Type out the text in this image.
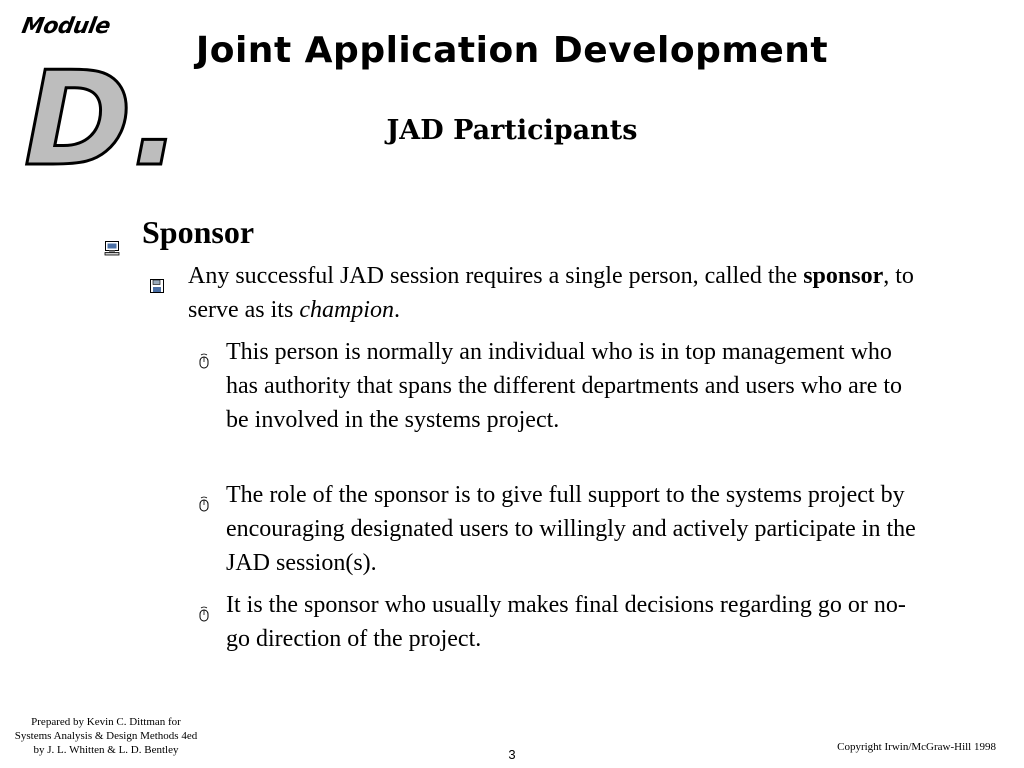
Module
D. Joint Application Development
JAD Participants
Sponsor
Any successful JAD session requires a single person, called the sponsor, to serve as its champion.
This person is normally an individual who is in top management who has authority that spans the different departments and users who are to be involved in the systems project.
The role of the sponsor is to give full support to the systems project by encouraging designated users to willingly and actively participate in the JAD session(s).
It is the sponsor who usually makes final decisions regarding go or no-go direction of the project.
Prepared by Kevin C. Dittman for
Systems Analysis & Design Methods 4ed
by J. L. Whitten & L. D. Bentley	3	Copyright Irwin/McGraw-Hill 1998
